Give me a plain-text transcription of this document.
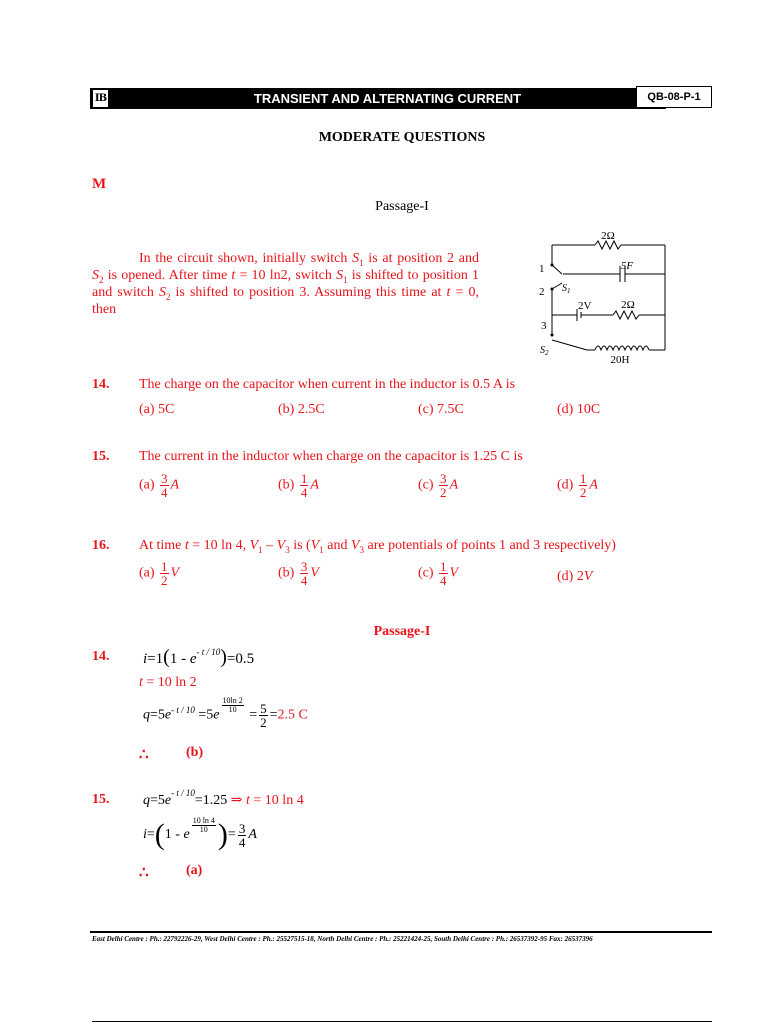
IB	TRANSIENT AND ALTERNATING CURRENT	QB-08-P-1
MODERATE QUESTIONS
M
Passage-I
In the circuit shown, initially switch $S_1$ is at position 2 and $S_2$ is opened. After time t = 10 ln2, switch $S_1$ is shifted to position 1 and switch $S_2$ is shifted to position 3. Assuming this time at t = 0, then
2Ω
5F
1
2 $S_1$
2V	2Ω
3
$S_2$
20H
14. The charge on the capacitor when current in the inductor is 0.5 A is
(a) 5C	(b) 2.5C	(c) 7.5C	(d) 10C
15. The current in the inductor when charge on the capacitor is 1.25 C is
$(a) \frac{3}{4}$ A	$(b) \frac{1}{4}$ A	$(c) \frac{3}{2}$ A	$(d) \frac{1}{2}$ A
16. At time t = 10 ln 4, $V_1 - V_3$ is ($V_1$ and $V_3$ are potentials of points 1 and 3 respectively)
$(a) \frac{1}{2}$ V	$(b) \frac{3}{4}$ V	$(c) \frac{1}{4}$ V	(d) 2V
Passage-I
14. $i=1(1 - e^{- t / 10})=0.5$
t = 10 ln 2
$q=5e^{- t / 10} =5e$
$\frac{10\ln 2}{10}$
= $\frac{5}{2} =2.5$ C
∴	(b)
15. $q=5e^{- t / 10}=1.25$ ⇒ t = 10 ln 4
i=(1 - e
$\frac{10 \ln 4}{10}$ )= $\frac{3}{4}$ A
∴	(a)
East Delhi Centre : Ph.: 22792226-29, West Delhi Centre : Ph.: 25527515-18, North Delhi Centre : Ph.: 25221424-25, South Delhi Centre : Ph.: 26537392-95 Fax: 26537396
